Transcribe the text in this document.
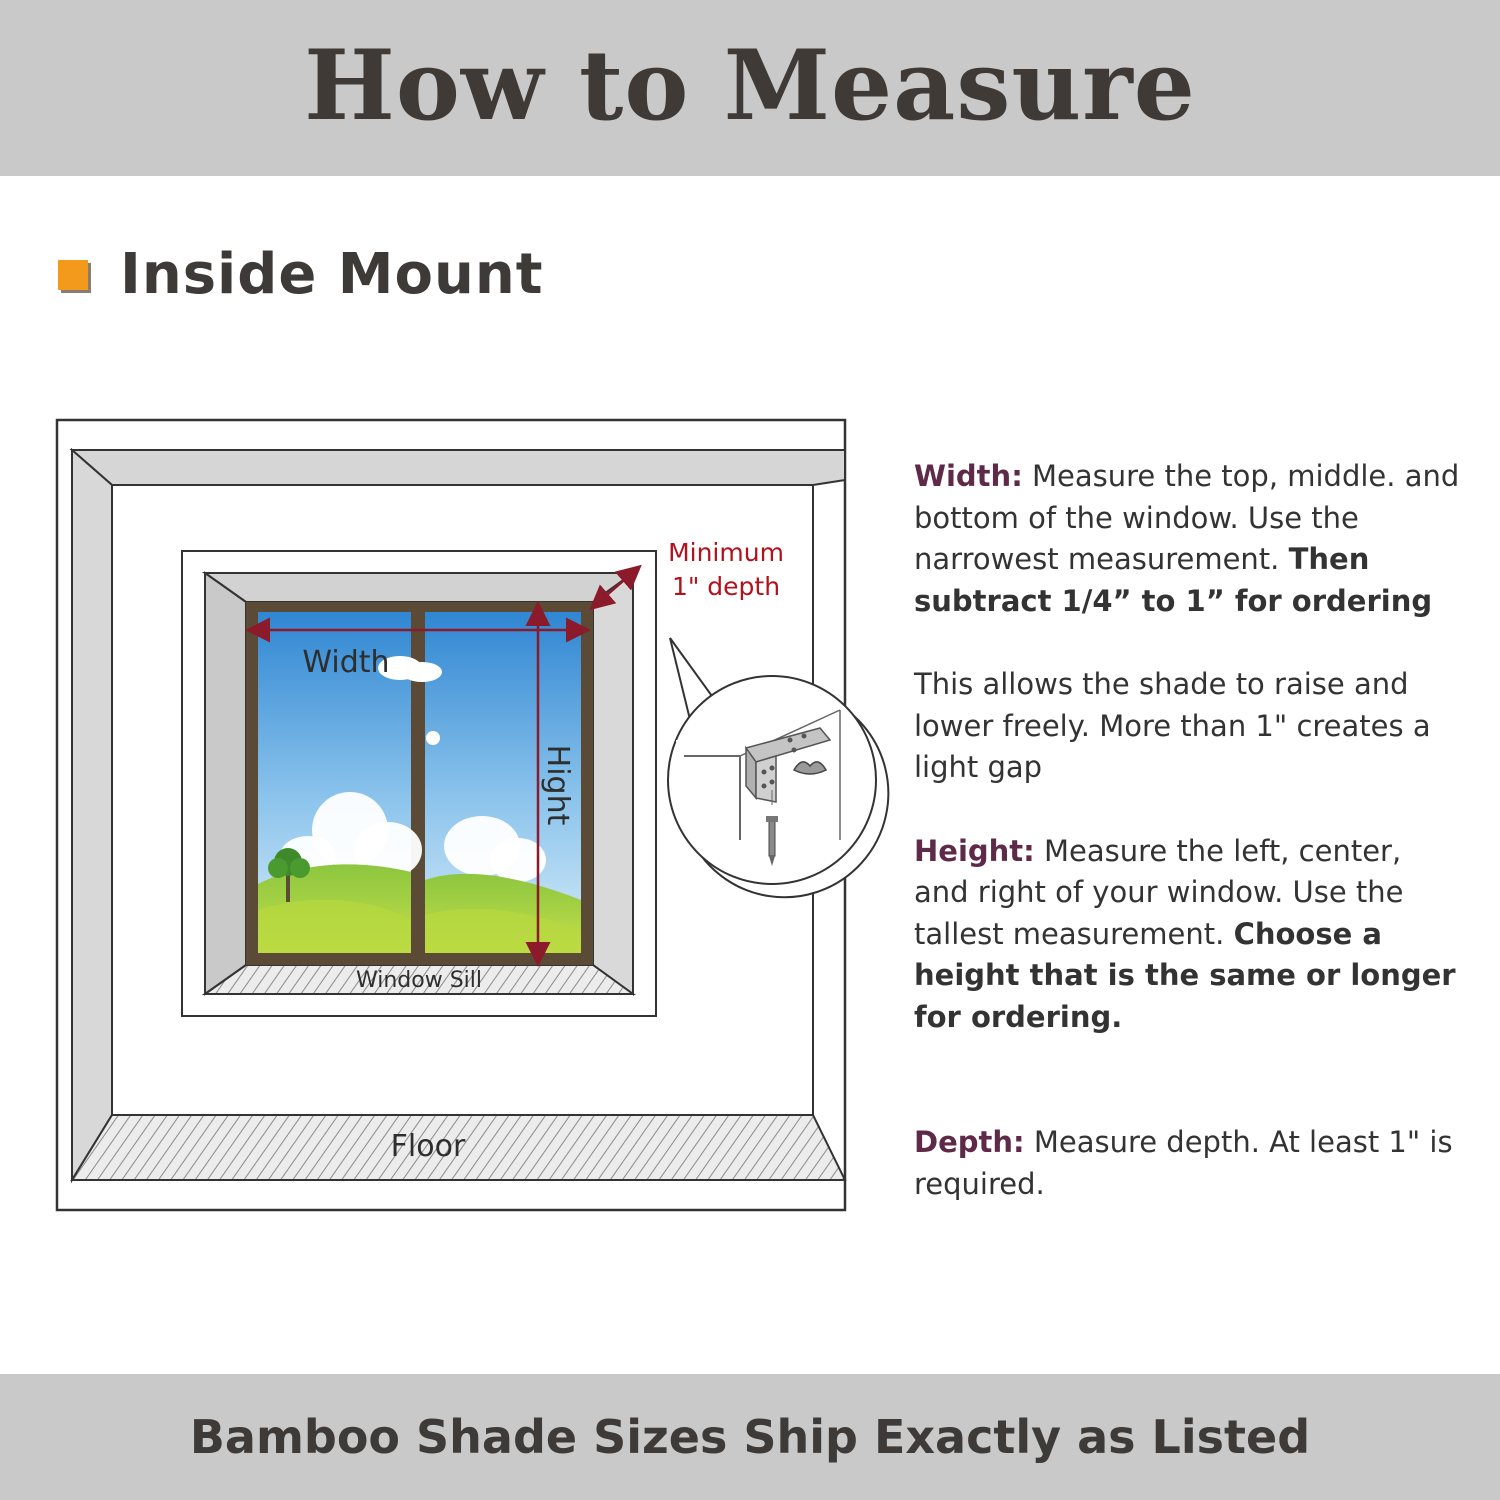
How to Measure
Inside Mount
Floor
Window Sill
Width
Hight
Minimum
1" depth

Width: Measure the top, middle. and bottom of the window. Use the narrowest measurement. Then subtract 1/4” to 1” for ordering

This allows the shade to raise and lower freely. More than 1" creates a light gap

Height: Measure the left, center, and right of your window. Use the tallest measurement. Choose a height that is the same or longer for ordering.

Depth: Measure depth. At least 1" is required.

Bamboo Shade Sizes Ship Exactly as Listed
